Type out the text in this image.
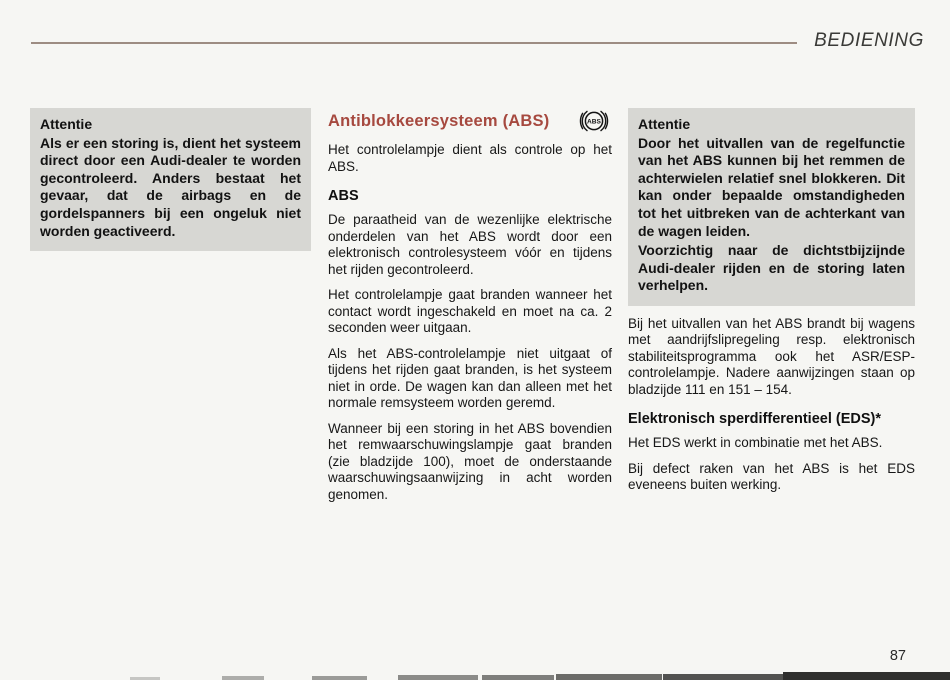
BEDIENING
Attentie

Als er een storing is, dient het systeem direct door een Audi-dealer te worden gecontroleerd. Anders bestaat het gevaar, dat de airbags en de gordelspanners bij een ongeluk niet worden geactiveerd.

Antiblokkeersysteem (ABS)	ABS

Het controlelampje dient als controle op het ABS.

ABS

De paraatheid van de wezenlijke elektrische onderdelen van het ABS wordt door een elektronisch controlesysteem vóór en tijdens het rijden gecontroleerd.

Het controlelampje gaat branden wanneer het contact wordt ingeschakeld en moet na ca. 2 seconden weer uitgaan.

Als het ABS-controlelampje niet uitgaat of tijdens het rijden gaat branden, is het systeem niet in orde. De wagen kan dan alleen met het normale remsysteem worden geremd.

Wanneer bij een storing in het ABS bovendien het remwaarschuwingslampje gaat branden (zie bladzijde 100), moet de onderstaande waarschuwingsaanwijzing in acht worden genomen.

Attentie

Door het uitvallen van de regelfunctie van het ABS kunnen bij het remmen de achterwielen relatief snel blokkeren. Dit kan onder bepaalde omstandigheden tot het uitbreken van de achterkant van de wagen leiden.

Voorzichtig naar de dichtstbijzijnde Audi-dealer rijden en de storing laten verhelpen.

Bij het uitvallen van het ABS brandt bij wagens met aandrijfslipregeling resp. elektronisch stabiliteitsprogramma ook het ASR/ESP-controlelampje. Nadere aanwijzingen staan op bladzijde 111 en 151 – 154.

Elektronisch sperdifferentieel (EDS)*

Het EDS werkt in combinatie met het ABS.

Bij defect raken van het ABS is het EDS eveneens buiten werking.

87
